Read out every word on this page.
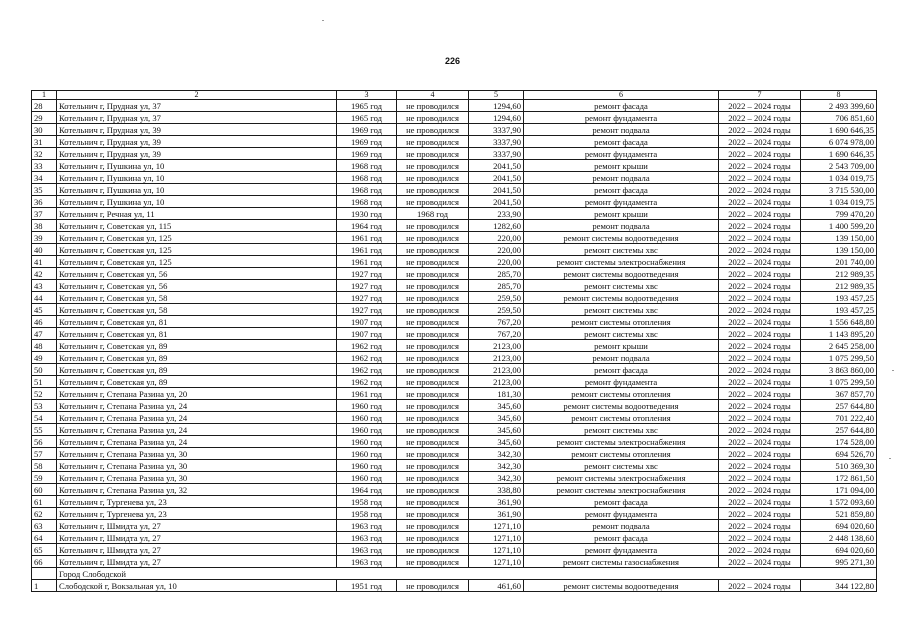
226
1	2	3	4	5	6	7	8
28	Котельнич г, Прудная ул, 37	1965 год	не проводился	1294,60	ремонт фасада	2022 – 2024 годы	2 493 399,60
29	Котельнич г, Прудная ул, 37	1965 год	не проводился	1294,60	ремонт фундамента	2022 – 2024 годы	706 851,60
30	Котельнич г, Прудная ул, 39	1969 год	не проводился	3337,90	ремонт подвала	2022 – 2024 годы	1 690 646,35
31	Котельнич г, Прудная ул, 39	1969 год	не проводился	3337,90	ремонт фасада	2022 – 2024 годы	6 074 978,00
32	Котельнич г, Прудная ул, 39	1969 год	не проводился	3337,90	ремонт фундамента	2022 – 2024 годы	1 690 646,35
33	Котельнич г, Пушкина ул, 10	1968 год	не проводился	2041,50	ремонт крыши	2022 – 2024 годы	2 543 709,00
34	Котельнич г, Пушкина ул, 10	1968 год	не проводился	2041,50	ремонт подвала	2022 – 2024 годы	1 034 019,75
35	Котельнич г, Пушкина ул, 10	1968 год	не проводился	2041,50	ремонт фасада	2022 – 2024 годы	3 715 530,00
36	Котельнич г, Пушкина ул, 10	1968 год	не проводился	2041,50	ремонт фундамента	2022 – 2024 годы	1 034 019,75
37	Котельнич г, Речная ул, 11	1930 год	1968 год	233,90	ремонт крыши	2022 – 2024 годы	799 470,20
38	Котельнич г, Советская ул, 115	1964 год	не проводился	1282,60	ремонт подвала	2022 – 2024 годы	1 400 599,20
39	Котельнич г, Советская ул, 125	1961 год	не проводился	220,00	ремонт системы водоотведения	2022 – 2024 годы	139 150,00
40	Котельнич г, Советская ул, 125	1961 год	не проводился	220,00	ремонт системы хвс	2022 – 2024 годы	139 150,00
41	Котельнич г, Советская ул, 125	1961 год	не проводился	220,00	ремонт системы электроснабжения	2022 – 2024 годы	201 740,00
42	Котельнич г, Советская ул, 56	1927 год	не проводился	285,70	ремонт системы водоотведения	2022 – 2024 годы	212 989,35
43	Котельнич г, Советская ул, 56	1927 год	не проводился	285,70	ремонт системы хвс	2022 – 2024 годы	212 989,35
44	Котельнич г, Советская ул, 58	1927 год	не проводился	259,50	ремонт системы водоотведения	2022 – 2024 годы	193 457,25
45	Котельнич г, Советская ул, 58	1927 год	не проводился	259,50	ремонт системы хвс	2022 – 2024 годы	193 457,25
46	Котельнич г, Советская ул, 81	1907 год	не проводился	767,20	ремонт системы отопления	2022 – 2024 годы	1 556 648,80
47	Котельнич г, Советская ул, 81	1907 год	не проводился	767,20	ремонт системы хвс	2022 – 2024 годы	1 143 895,20
48	Котельнич г, Советская ул, 89	1962 год	не проводился	2123,00	ремонт крыши	2022 – 2024 годы	2 645 258,00
49	Котельнич г, Советская ул, 89	1962 год	не проводился	2123,00	ремонт подвала	2022 – 2024 годы	1 075 299,50
50	Котельнич г, Советская ул, 89	1962 год	не проводился	2123,00	ремонт фасада	2022 – 2024 годы	3 863 860,00
51	Котельнич г, Советская ул, 89	1962 год	не проводился	2123,00	ремонт фундамента	2022 – 2024 годы	1 075 299,50
52	Котельнич г, Степана Разина ул, 20	1961 год	не проводился	181,30	ремонт системы отопления	2022 – 2024 годы	367 857,70
53	Котельнич г, Степана Разина ул, 24	1960 год	не проводился	345,60	ремонт системы водоотведения	2022 – 2024 годы	257 644,80
54	Котельнич г, Степана Разина ул, 24	1960 год	не проводился	345,60	ремонт системы отопления	2022 – 2024 годы	701 222,40
55	Котельнич г, Степана Разина ул, 24	1960 год	не проводился	345,60	ремонт системы хвс	2022 – 2024 годы	257 644,80
56	Котельнич г, Степана Разина ул, 24	1960 год	не проводился	345,60	ремонт системы электроснабжения	2022 – 2024 годы	174 528,00
57	Котельнич г, Степана Разина ул, 30	1960 год	не проводился	342,30	ремонт системы отопления	2022 – 2024 годы	694 526,70
58	Котельнич г, Степана Разина ул, 30	1960 год	не проводился	342,30	ремонт системы хвс	2022 – 2024 годы	510 369,30
59	Котельнич г, Степана Разина ул, 30	1960 год	не проводился	342,30	ремонт системы электроснабжения	2022 – 2024 годы	172 861,50
60	Котельнич г, Степана Разина ул, 32	1964 год	не проводился	338,80	ремонт системы электроснабжения	2022 – 2024 годы	171 094,00
61	Котельнич г, Тургенева ул, 23	1958 год	не проводился	361,90	ремонт фасада	2022 – 2024 годы	1 572 093,60
62	Котельнич г, Тургенева ул, 23	1958 год	не проводился	361,90	ремонт фундамента	2022 – 2024 годы	521 859,80
63	Котельнич г, Шмидта ул, 27	1963 год	не проводился	1271,10	ремонт подвала	2022 – 2024 годы	694 020,60
64	Котельнич г, Шмидта ул, 27	1963 год	не проводился	1271,10	ремонт фасада	2022 – 2024 годы	2 448 138,60
65	Котельнич г, Шмидта ул, 27	1963 год	не проводился	1271,10	ремонт фундамента	2022 – 2024 годы	694 020,60
66	Котельнич г, Шмидта ул, 27	1963 год	не проводился	1271,10	ремонт системы газоснабжения	2022 – 2024 годы	995 271,30
	Город Слободской						
1	Слободской г, Вокзальная ул, 10	1951 год	не проводился	461,60	ремонт системы водоотведения	2022 – 2024 годы	344 122,80
